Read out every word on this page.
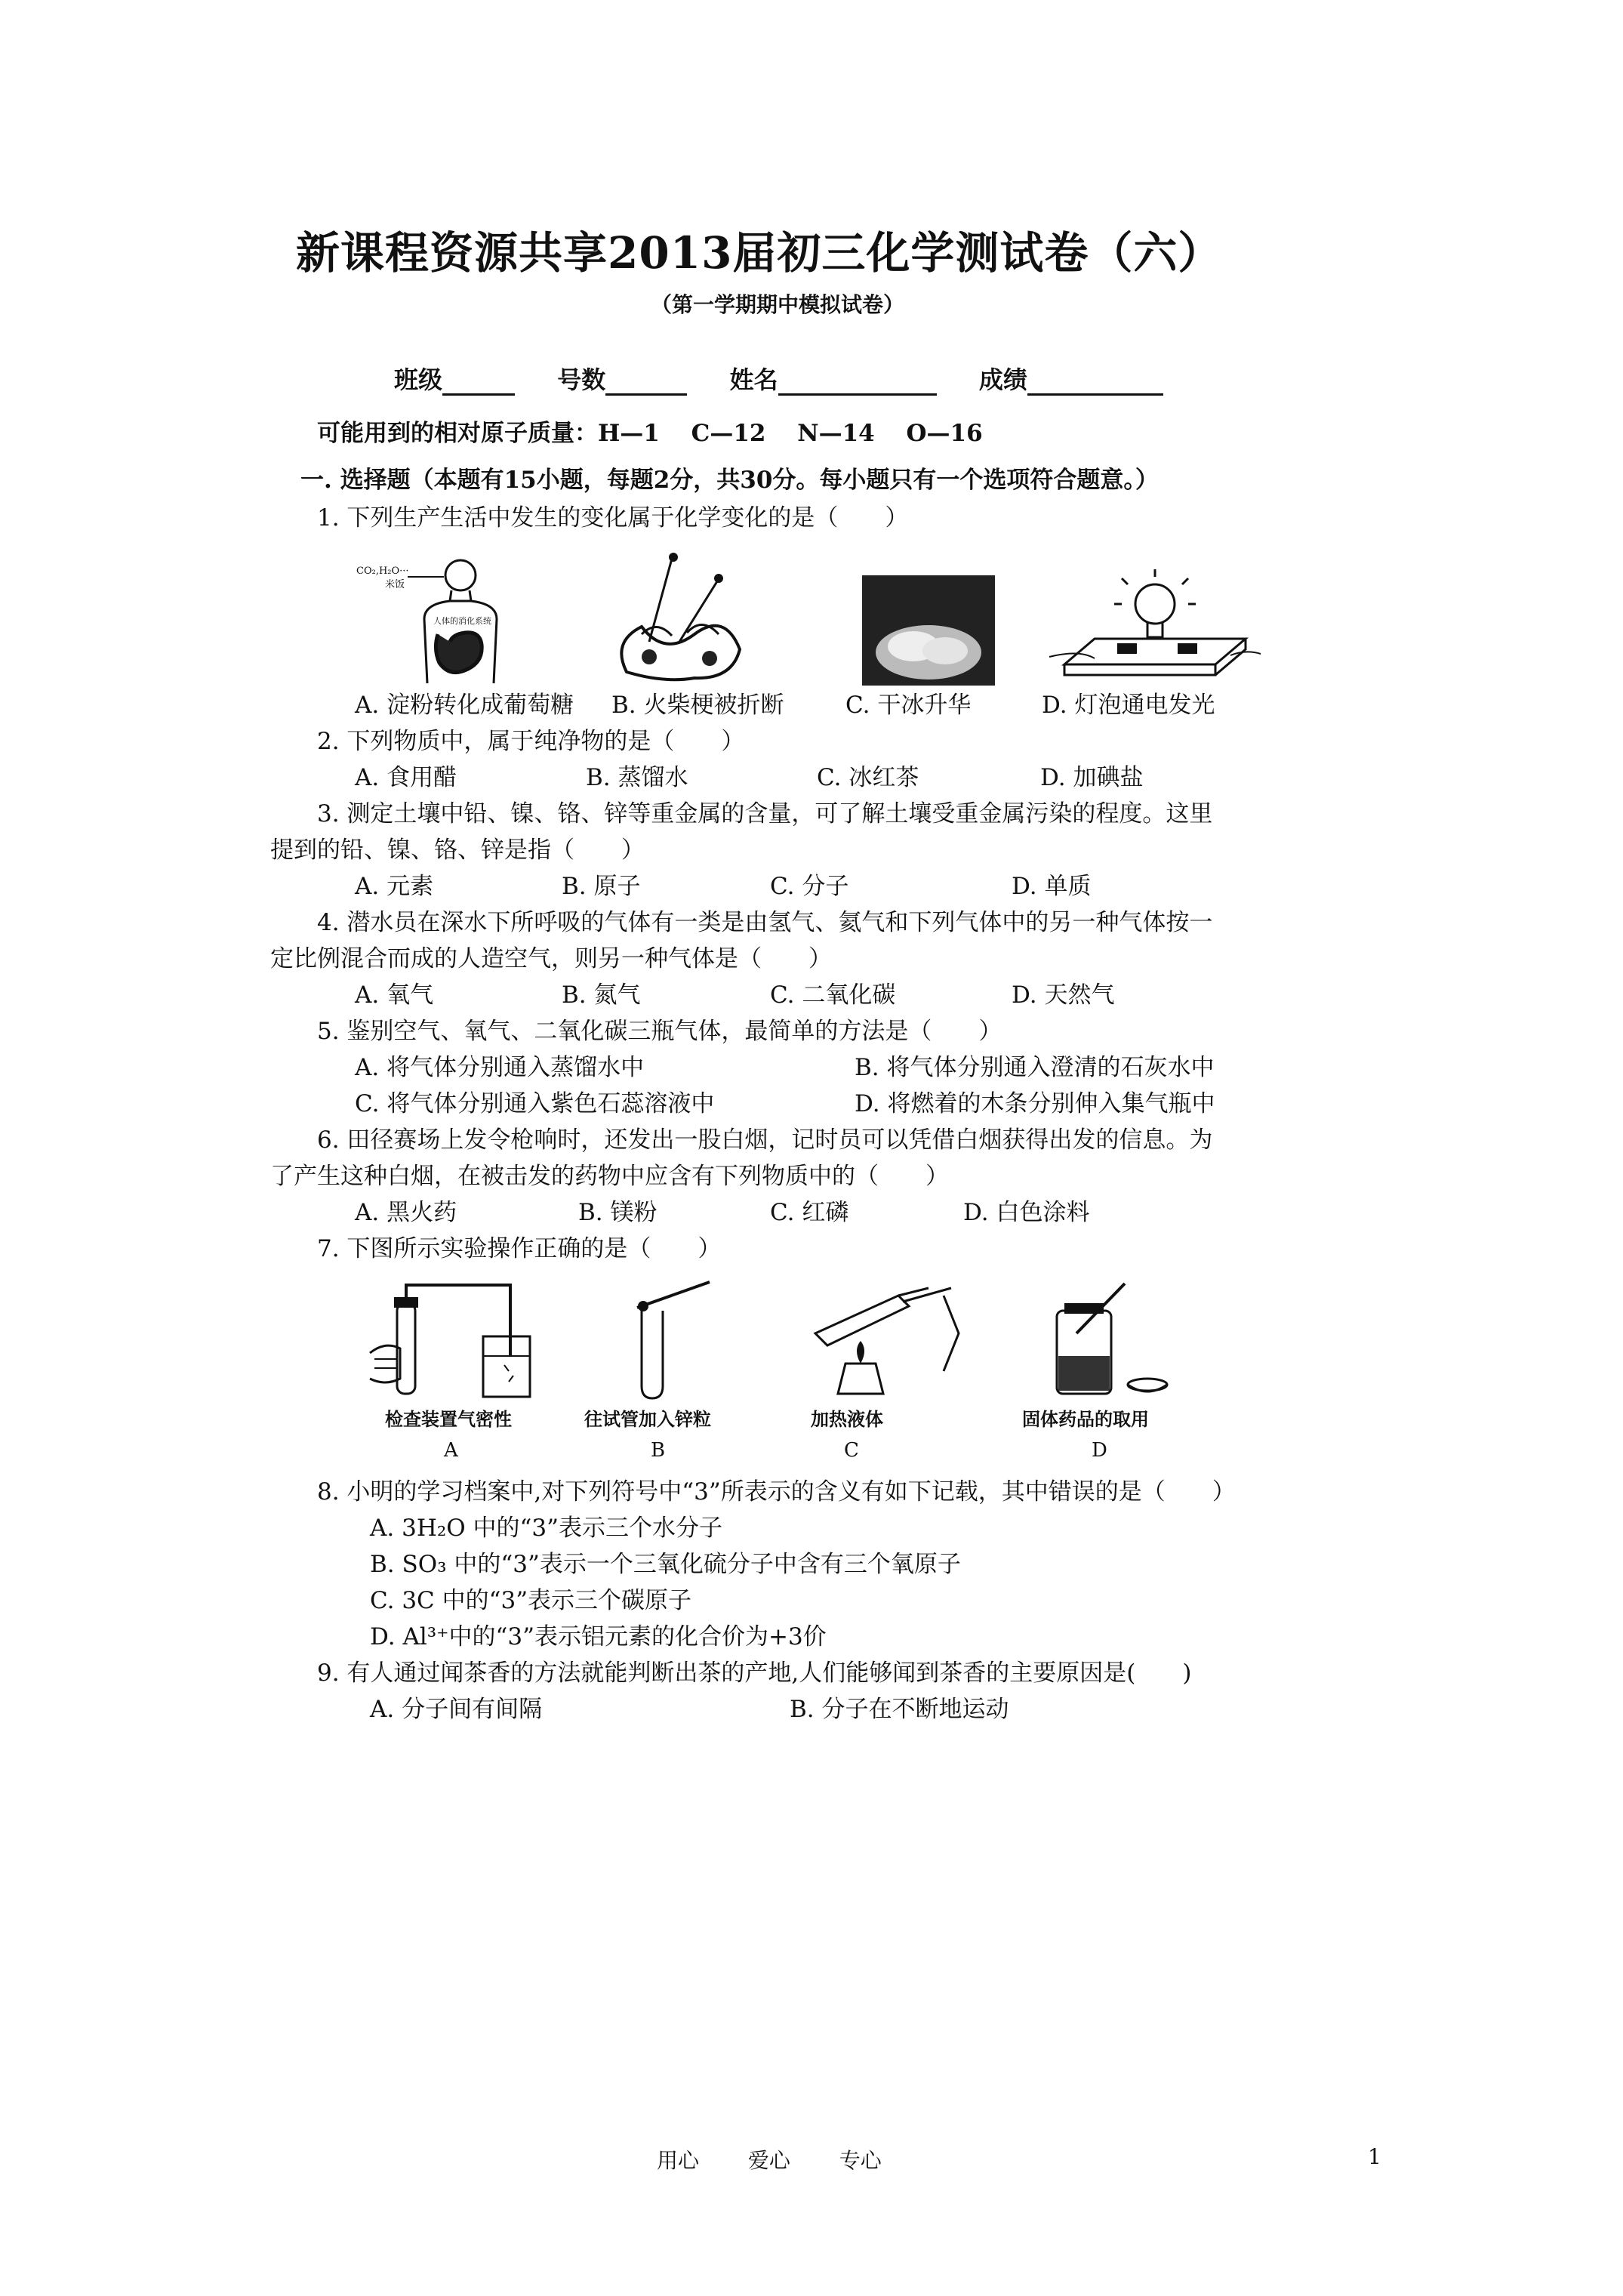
新课程资源共享2013届初三化学测试卷（六）
（第一学期期中模拟试卷）
班级	号数	姓名	成绩
可能用到的相对原子质量：H—1　 C—12　 N—14　 O—16
一. 选择题（本题有15小题，每题2分，共30分。每小题只有一个选项符合题意。）
1. 下列生产生活中发生的变化属于化学变化的是（　　）
CO₂,H₂O···
米饭
人体的消化系统
A. 淀粉转化成葡萄糖 B. 火柴梗被折断	C. 干冰升华	D. 灯泡通电发光
2. 下列物质中，属于纯净物的是（　　）
A. 食用醋	B. 蒸馏水	C. 冰红茶	D. 加碘盐
3. 测定土壤中铅、镍、铬、锌等重金属的含量，可了解土壤受重金属污染的程度。这里
提到的铅、镍、铬、锌是指（　　）
A. 元素	B. 原子	C. 分子	D. 单质
4. 潜水员在深水下所呼吸的气体有一类是由氢气、氦气和下列气体中的另一种气体按一
定比例混合而成的人造空气，则另一种气体是（　　）
A. 氧气	B. 氮气	C. 二氧化碳	D. 天然气
5. 鉴别空气、氧气、二氧化碳三瓶气体，最简单的方法是（　　）
A. 将气体分别通入蒸馏水中	B. 将气体分别通入澄清的石灰水中
C. 将气体分别通入紫色石蕊溶液中	D. 将燃着的木条分别伸入集气瓶中
6. 田径赛场上发令枪响时，还发出一股白烟，记时员可以凭借白烟获得出发的信息。为
了产生这种白烟，在被击发的药物中应含有下列物质中的（　　）
A. 黑火药	B. 镁粉	C. 红磷	D. 白色涂料
7. 下图所示实验操作正确的是（　　）
检查装置气密性	往试管加入锌粒	加热液体	固体药品的取用
A	B	C	D
8. 小明的学习档案中,对下列符号中“3”所表示的含义有如下记载，其中错误的是（　　）
A. 3H₂O 中的“3”表示三个水分子
B. SO₃ 中的“3”表示一个三氧化硫分子中含有三个氧原子
C. 3C 中的“3”表示三个碳原子
D. Al³⁺中的“3”表示铝元素的化合价为+3价
9. 有人通过闻茶香的方法就能判断出茶的产地,人们能够闻到茶香的主要原因是(　　)
A. 分子间有间隔	B. 分子在不断地运动
用心　　 爱心　　 专心	1
